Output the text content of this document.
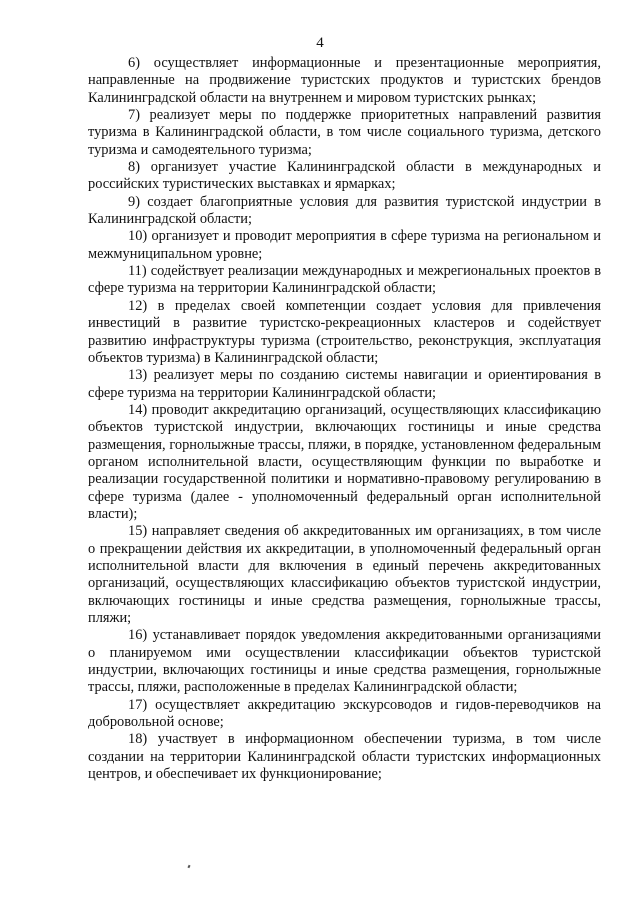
4

6) осуществляет информационные и презентационные мероприятия, направленные на продвижение туристских продуктов и туристских брендов Калининградской области на внутреннем и мировом туристских рынках;

7) реализует меры по поддержке приоритетных направлений развития туризма в Калининградской области, в том числе социального туризма, детского туризма и самодеятельного туризма;

8) организует участие Калининградской области в международных и российских туристических выставках и ярмарках;

9) создает благоприятные условия для развития туристской индустрии в Калининградской области;

10) организует и проводит мероприятия в сфере туризма на региональном и межмуниципальном уровне;

11) содействует реализации международных и межрегиональных проектов в сфере туризма на территории Калининградской области;

12) в пределах своей компетенции создает условия для привлечения инвестиций в развитие туристско-рекреационных кластеров и содействует развитию инфраструктуры туризма (строительство, реконструкция, эксплуатация объектов туризма) в Калининградской области;

13) реализует меры по созданию системы навигации и ориентирования в сфере туризма на территории Калининградской области;

14) проводит аккредитацию организаций, осуществляющих классификацию объектов туристской индустрии, включающих гостиницы и иные средства размещения, горнолыжные трассы, пляжи, в порядке, установленном федеральным органом исполнительной власти, осуществляющим функции по выработке и реализации государственной политики и нормативно-правовому регулированию в сфере туризма (далее - уполномоченный федеральный орган исполнительной власти);

15) направляет сведения об аккредитованных им организациях, в том числе о прекращении действия их аккредитации, в уполномоченный федеральный орган исполнительной власти для включения в единый перечень аккредитованных организаций, осуществляющих классификацию объектов туристской индустрии, включающих гостиницы и иные средства размещения, горнолыжные трассы, пляжи;

16) устанавливает порядок уведомления аккредитованными организациями о планируемом ими осуществлении классификации объектов туристской индустрии, включающих гостиницы и иные средства размещения, горнолыжные трассы, пляжи, расположенные в пределах Калининградской области;

17) осуществляет аккредитацию экскурсоводов и гидов-переводчиков на добровольной основе;

18) участвует в информационном обеспечении туризма, в том числе создании на территории Калининградской области туристских информационных центров, и обеспечивает их функционирование;
